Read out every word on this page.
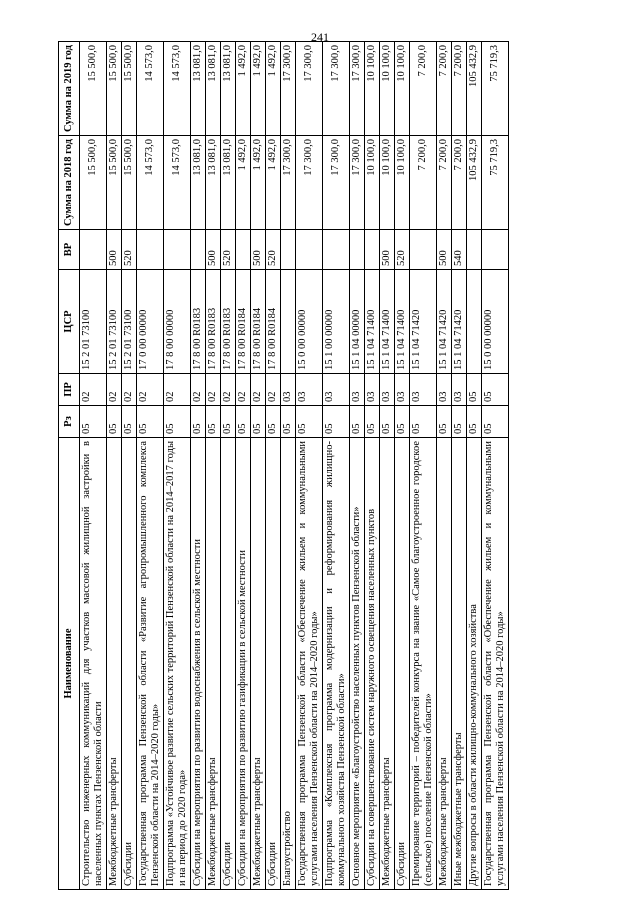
241
Наименование	Рз	ПР	ЦСР	ВР	Сумма на 2018 год	Сумма на 2019 год
Строительство инженерных коммуникаций для участков массовой жилищной застройки в населенных пунктах Пензенской области	05	02	15 2 01 73100		15 500,0	15 500,0
Межбюджетные трансферты	05	02	15 2 01 73100	500	15 500,0	15 500,0
Субсидии	05	02	15 2 01 73100	520	15 500,0	15 500,0
Государственная программа Пензенской области «Развитие агропромышленного комплекса Пензенской области на 2014–2020 годы»	05	02	17 0 00 00000		14 573,0	14 573,0
Подпрограмма «Устойчивое развитие сельских территорий Пензенской области на 2014–2017 годы и на период до 2020 года»	05	02	17 8 00 00000		14 573,0	14 573,0
Субсидии на мероприятия по развитию водоснабжения в сельской местности	05	02	17 8 00 R0183		13 081,0	13 081,0
Межбюджетные трансферты	05	02	17 8 00 R0183	500	13 081,0	13 081,0
Субсидии	05	02	17 8 00 R0183	520	13 081,0	13 081,0
Субсидии на мероприятия по развитию газификации в сельской местности	05	02	17 8 00 R0184		1 492,0	1 492,0
Межбюджетные трансферты	05	02	17 8 00 R0184	500	1 492,0	1 492,0
Субсидии	05	02	17 8 00 R0184	520	1 492,0	1 492,0
Благоустройство	05	03			17 300,0	17 300,0
Государственная программа Пензенской области «Обеспечение жильем и коммунальными услугами населения Пензенской области на 2014–2020 годы»	05	03	15 0 00 00000		17 300,0	17 300,0
Подпрограмма «Комплексная программа модернизации и реформирования жилищно-коммунального хозяйства Пензенской области»	05	03	15 1 00 00000		17 300,0	17 300,0
Основное мероприятие «Благоустройство населенных пунктов Пензенской области»	05	03	15 1 04 00000		17 300,0	17 300,0
Субсидии на совершенствование систем наружного освещения населенных пунктов	05	03	15 1 04 71400		10 100,0	10 100,0
Межбюджетные трансферты	05	03	15 1 04 71400	500	10 100,0	10 100,0
Субсидии	05	03	15 1 04 71400	520	10 100,0	10 100,0
Премирование территорий – победителей конкурса на звание «Самое благоустроенное городское (сельское) поселение Пензенской области»	05	03	15 1 04 71420		7 200,0	7 200,0
Межбюджетные трансферты	05	03	15 1 04 71420	500	7 200,0	7 200,0
Иные межбюджетные трансферты	05	03	15 1 04 71420	540	7 200,0	7 200,0
Другие вопросы в области жилищно-коммунального хозяйства	05	05			105 432,9	105 432,9
Государственная программа Пензенской области «Обеспечение жильем и коммунальными услугами населения Пензенской области на 2014–2020 годы»	05	05	15 0 00 00000		75 719,3	75 719,3
